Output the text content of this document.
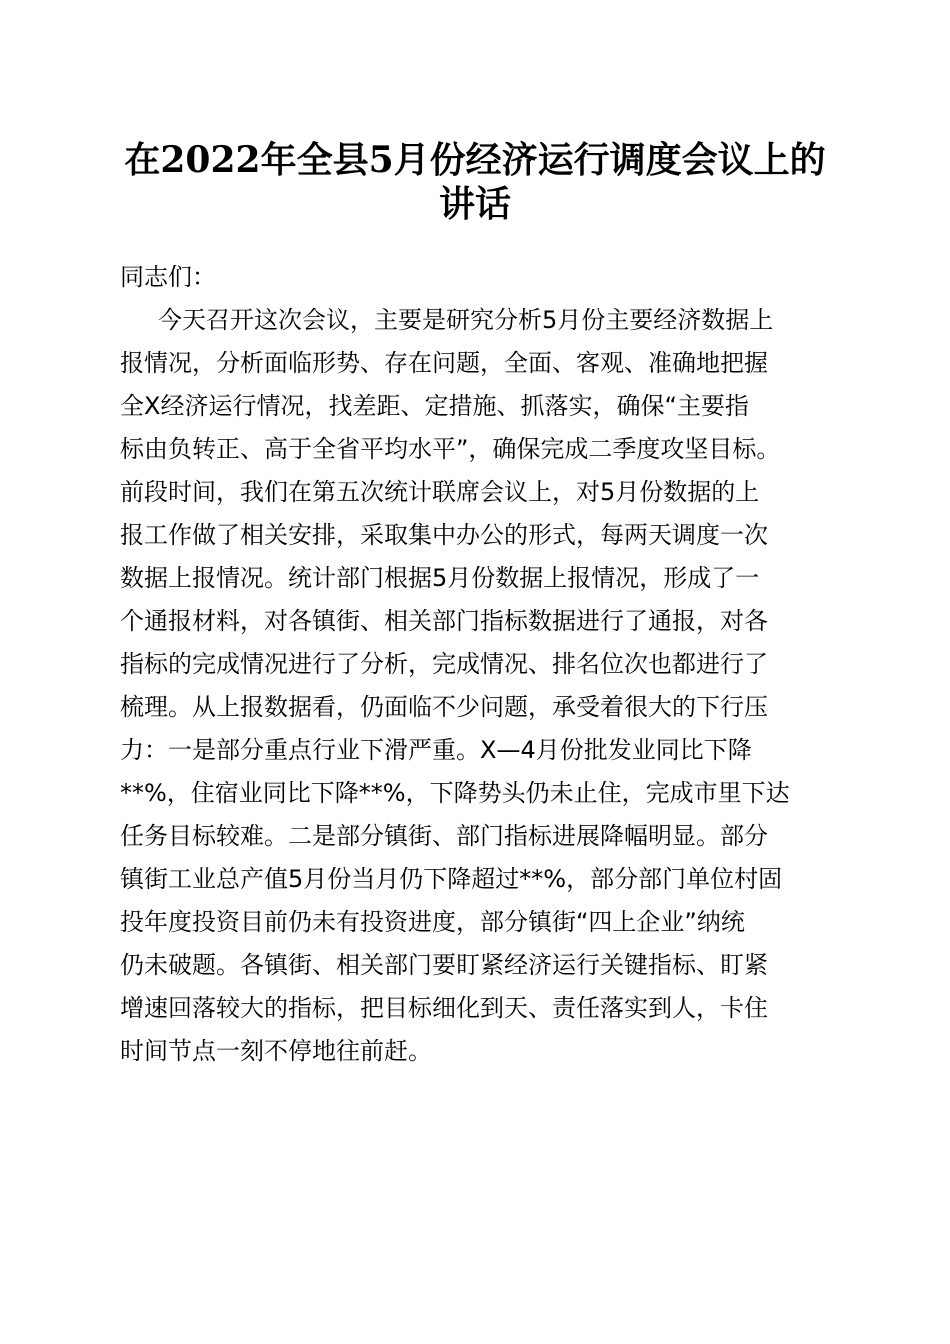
在2022年全县5月份经济运行调度会议上的
讲话

同志们：

今天召开这次会议，主要是研究分析5月份主要经济数据上
报情况，分析面临形势、存在问题，全面、客观、准确地把握
全X经济运行情况，找差距、定措施、抓落实，确保“主要指
标由负转正、高于全省平均水平”，确保完成二季度攻坚目标。
前段时间，我们在第五次统计联席会议上，对5月份数据的上
报工作做了相关安排，采取集中办公的形式，每两天调度一次
数据上报情况。统计部门根据5月份数据上报情况，形成了一
个通报材料，对各镇街、相关部门指标数据进行了通报，对各
指标的完成情况进行了分析，完成情况、排名位次也都进行了
梳理。从上报数据看，仍面临不少问题，承受着很大的下行压
力：一是部分重点行业下滑严重。X—4月份批发业同比下降
**%，住宿业同比下降**%，下降势头仍未止住，完成市里下达
任务目标较难。二是部分镇街、部门指标进展降幅明显。部分
镇街工业总产值5月份当月仍下降超过**%，部分部门单位村固
投年度投资目前仍未有投资进度，部分镇街“四上企业”纳统
仍未破题。各镇街、相关部门要盯紧经济运行关键指标、盯紧
增速回落较大的指标，把目标细化到天、责任落实到人，卡住
时间节点一刻不停地往前赶。
